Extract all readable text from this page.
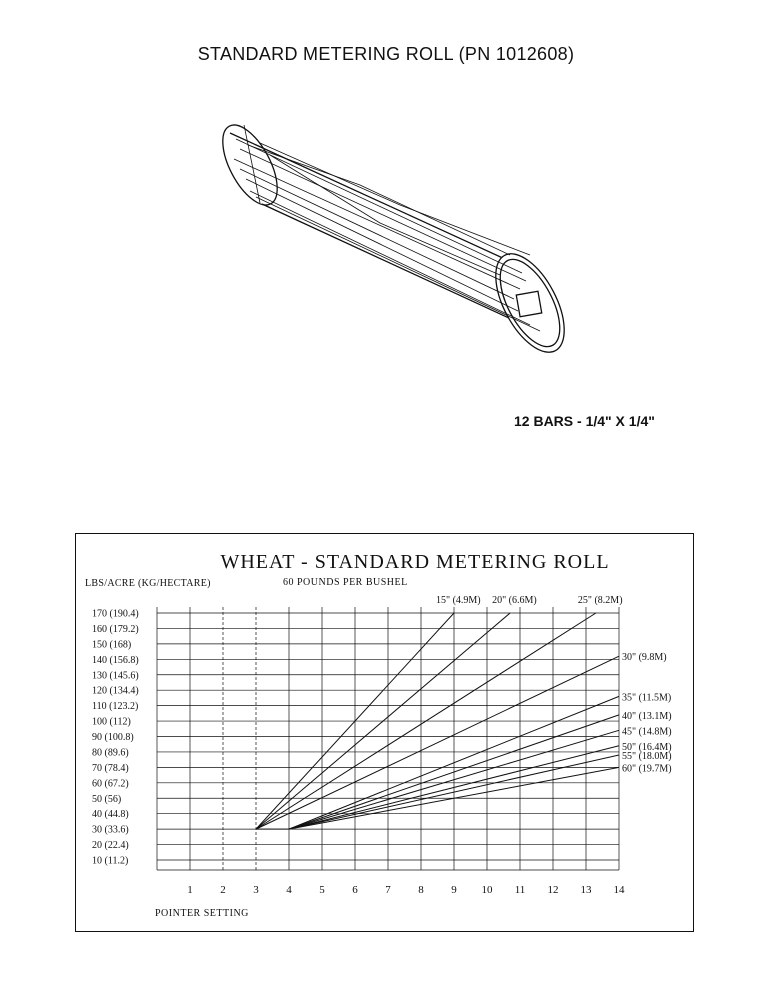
STANDARD METERING ROLL (PN 1012608)
12 BARS - 1/4" X 1/4"
WHEAT - STANDARD METERING ROLL
60 POUNDS PER BUSHEL
LBS/ACRE (KG/HECTARE)
POINTER SETTING
10 (11.2)
20 (22.4)
30 (33.6)
40 (44.8)
50 (56)
60 (67.2)
70 (78.4)
80 (89.6)
90 (100.8)
100 (112)
110 (123.2)
120 (134.4)
130 (145.6)
140 (156.8)
150 (168)
160 (179.2)
170 (190.4)
1	2	3	4	5	6	7	8	9 10 11 12 13 14
15" (4.9M) 20" (6.6M)	25" (8.2M)
30" (9.8M)
35" (11.5M)
40" (13.1M)
45" (14.8M)
50" (16.4M)
55" (18.0M)
60" (19.7M)
